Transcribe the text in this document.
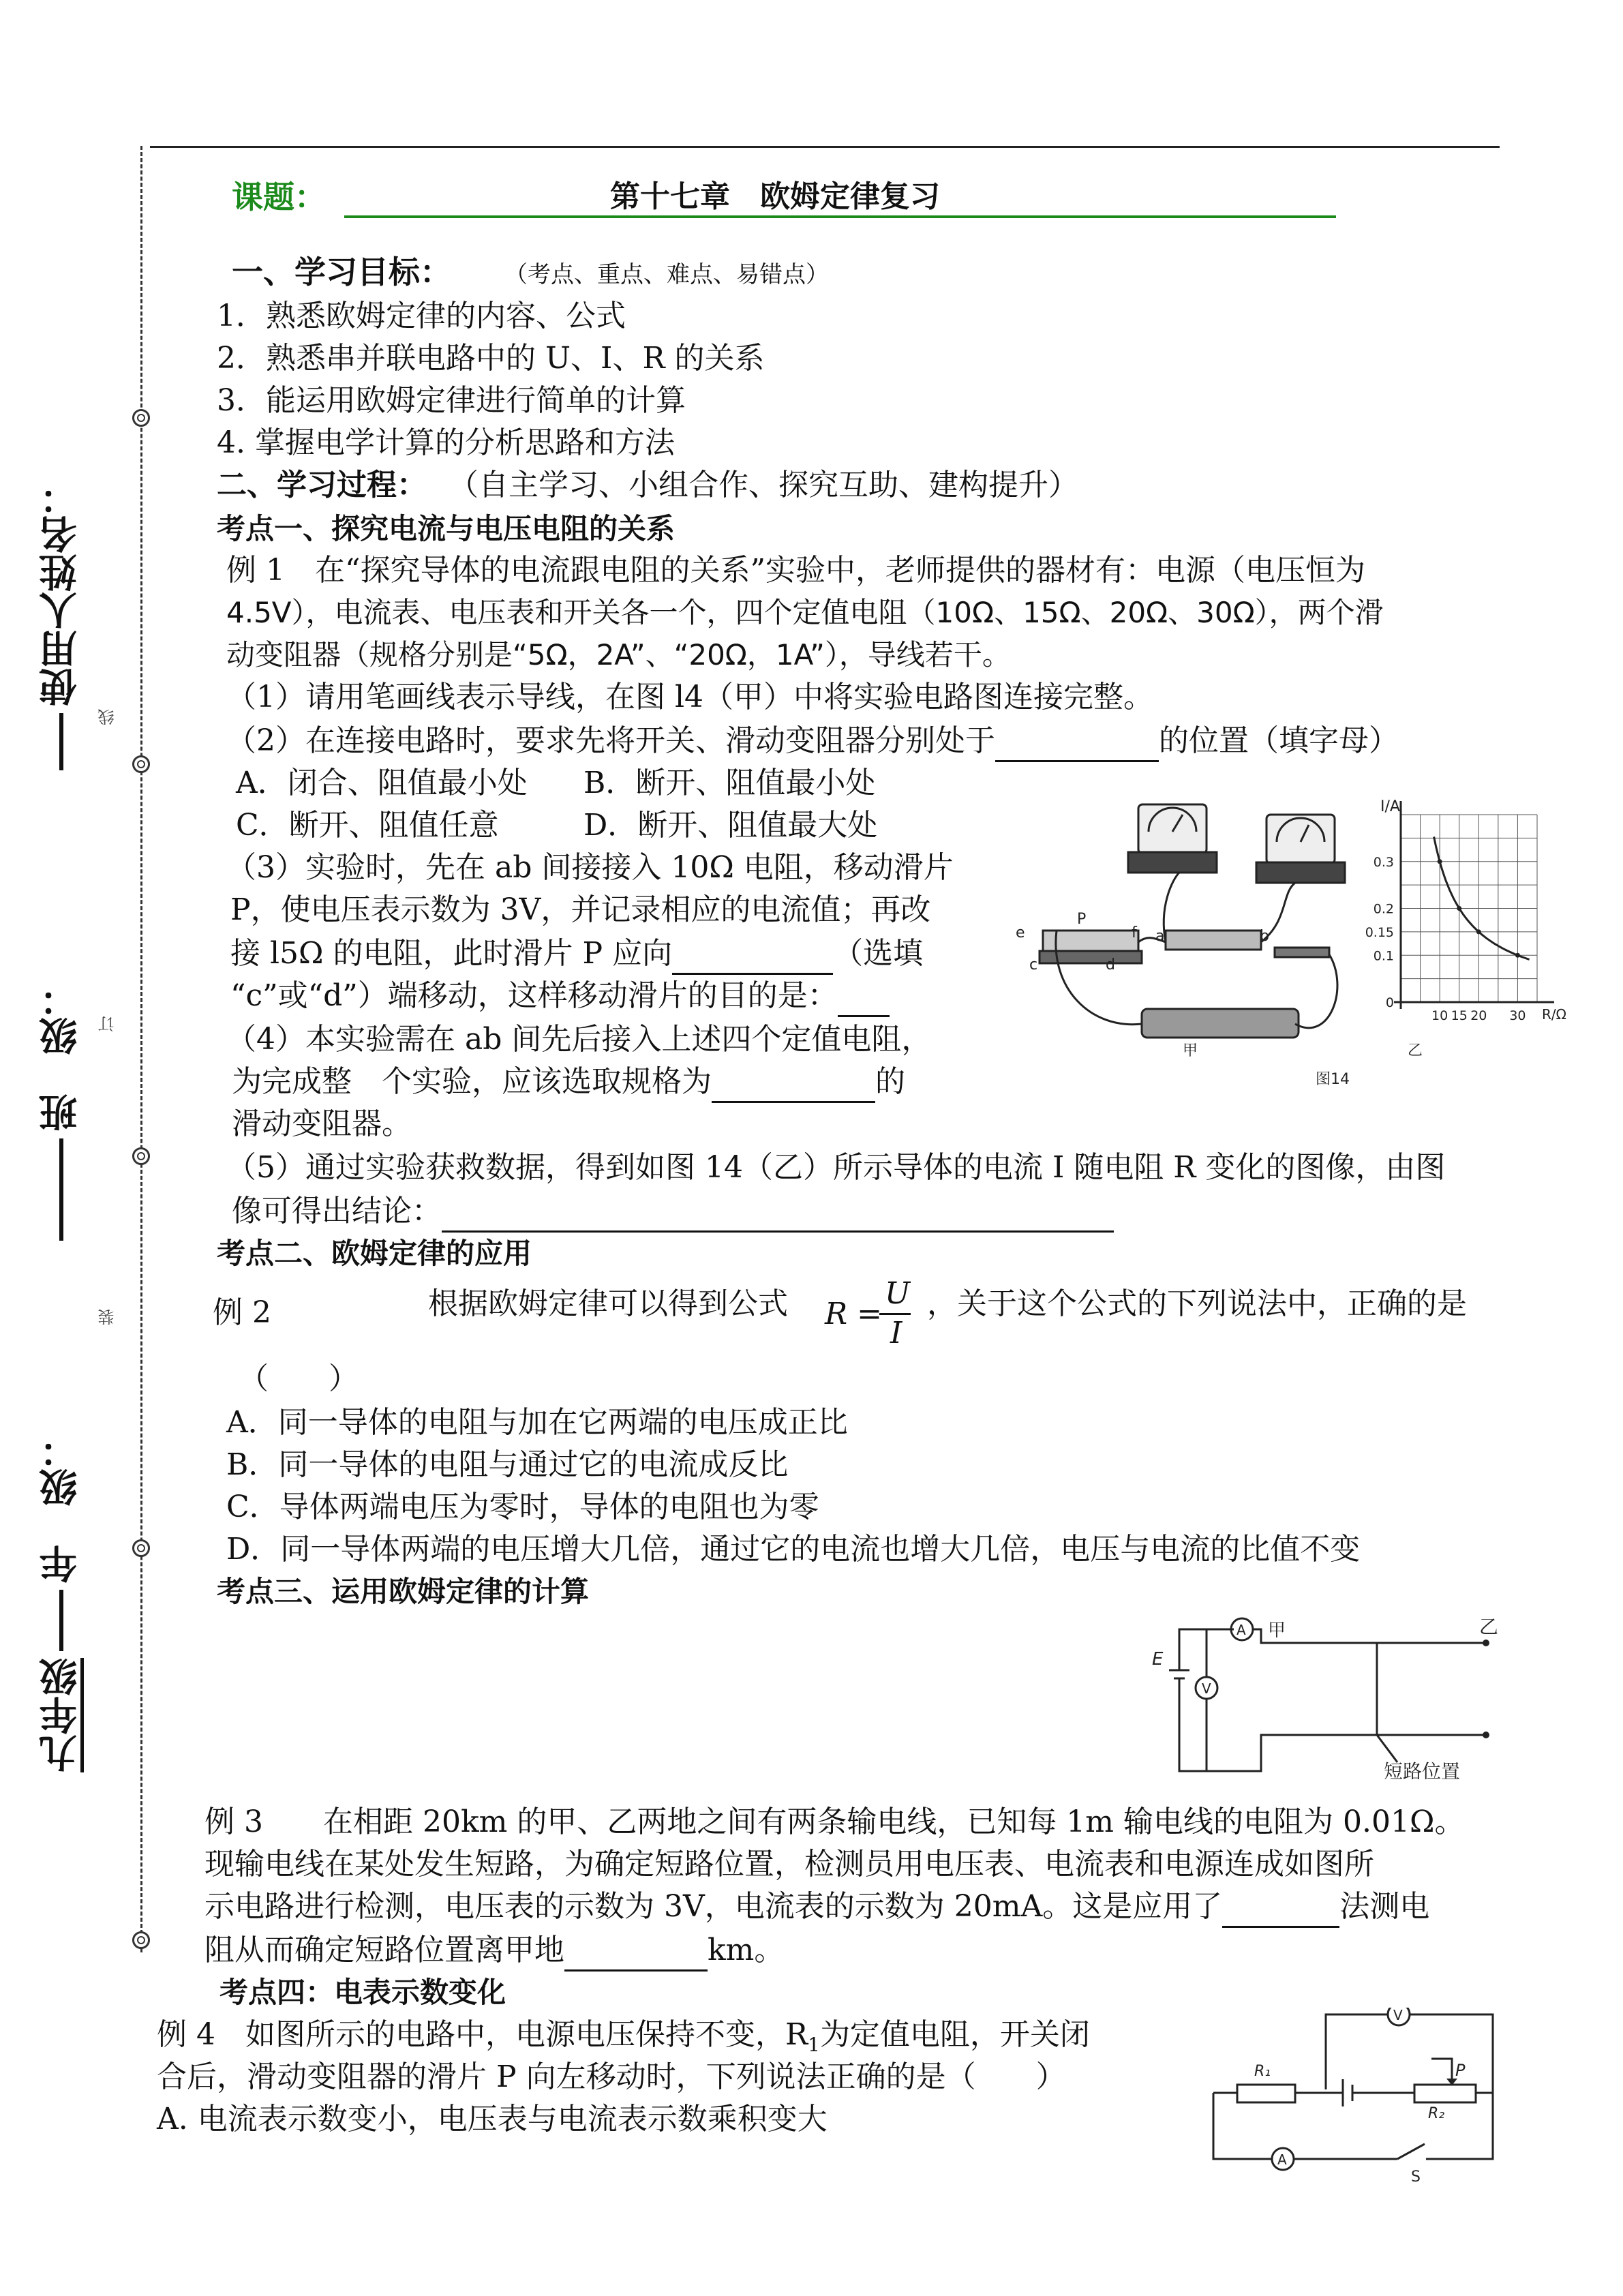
使用人姓名：
班　级：
九年级
年　级：
线
订
装
课题：	第十七章　欧姆定律复习
一、学习目标： （考点、重点、难点、易错点）
1．熟悉欧姆定律的内容、公式
2．熟悉串并联电路中的 U、I、R 的关系
3．能运用欧姆定律进行简单的计算
4. 掌握电学计算的分析思路和方法
二、学习过程： （自主学习、小组合作、探究互助、建构提升）
考点一、探究电流与电压电阻的关系
例 1　在“探究导体的电流跟电阻的关系”实验中，老师提供的器材有：电源（电压恒为
4.5V），电流表、电压表和开关各一个，四个定值电阻（10Ω、15Ω、20Ω、30Ω），两个滑
动变阻器（规格分别是“5Ω，2A”、“20Ω，1A”），导线若干。
（1）请用笔画线表示导线，在图 l4（甲）中将实验电路图连接完整。
（2）在连接电路时，要求先将开关、滑动变阻器分别处于	的位置（填字母）
A．闭合、阻值最小处 B．断开、阻值最小处
C．断开、阻值任意	D．断开、阻值最大处
（3）实验时，先在 ab 间接接入 10Ω 电阻，移动滑片
P，使电压表示数为 3V，并记录相应的电流值；再改
接 l5Ω 的电阻，此时滑片 P 应向	（选填
“c”或“d”）端移动，这样移动滑片的目的是：
（4）本实验需在 ab 间先后接入上述四个定值电阻，
为完成整　个实验，应该选取规格为	的
滑动变阻器。
（5）通过实验获救数据，得到如图 14（乙）所示导体的电流 I 随电阻 R 变化的图像，由图
像可得出结论：
P
e	f a	b
c	d
甲
0.3
0.2
0.15
0.1
0
10 15 20 30
I/A
R/Ω
乙
图14
考点二、欧姆定律的应用
例 2	根据欧姆定律可以得到公式 R =
U
I
，关于这个公式的下列说法中，正确的是
（　　）
A．同一导体的电阻与加在它两端的电压成正比
B．同一导体的电阻与通过它的电流成反比
C．导体两端电压为零时，导体的电阻也为零
D．同一导体两端的电压增大几倍，通过它的电流也增大几倍，电压与电流的比值不变
考点三、运用欧姆定律的计算
E
A
V
甲	乙
短路位置
例 3　　在相距 20km 的甲、乙两地之间有两条输电线，已知每 1m 输电线的电阻为 0.01Ω。
现输电线在某处发生短路，为确定短路位置，检测员用电压表、电流表和电源连成如图所
示电路进行检测，电压表的示数为 3V，电流表的示数为 20mA。这是应用了	法测电
阻从而确定短路位置离甲地	km。
考点四：电表示数变化
例 4　如图所示的电路中，电源电压保持不变，$R_1$为定值电阻，开关闭
合后，滑动变阻器的滑片 P 向左移动时，下列说法正确的是（　　）
A. 电流表示数变小，电压表与电流表示数乘积变大
V
A
R₁	P
R₂
S
